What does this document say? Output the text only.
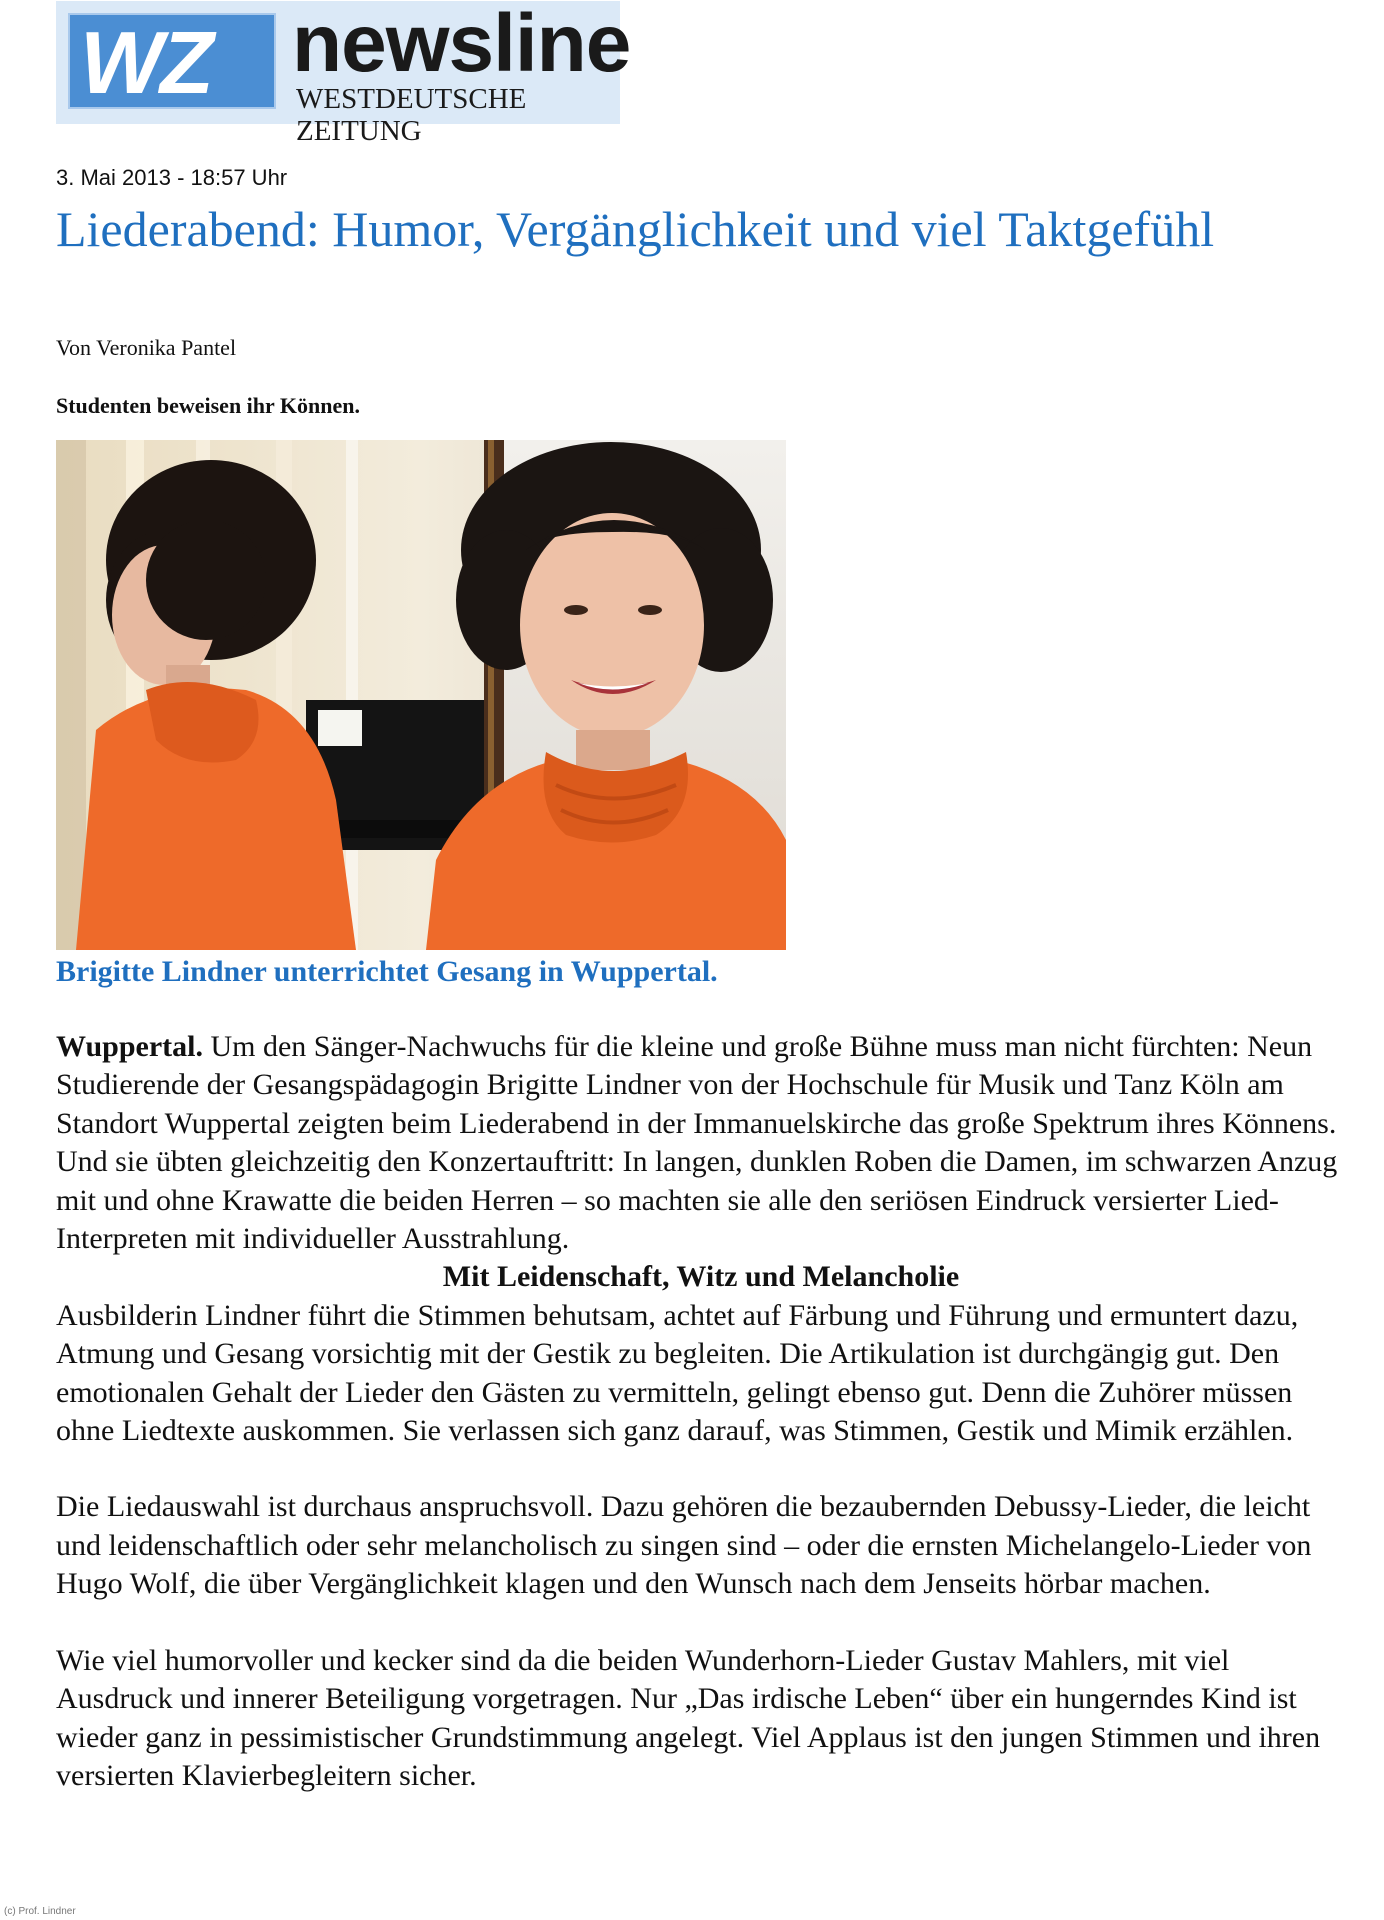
WZ newsline
WESTDEUTSCHE ZEITUNG
3. Mai 2013 - 18:57 Uhr
Liederabend: Humor, Vergänglichkeit und viel Taktgefühl
Von Veronika Pantel
Studenten beweisen ihr Können.
Brigitte Lindner unterrichtet Gesang in Wuppertal.

Wuppertal. Um den Sänger-Nachwuchs für die kleine und große Bühne muss man nicht fürchten: Neun Studierende der Gesangspädagogin Brigitte Lindner von der Hochschule für Musik und Tanz Köln am Standort Wuppertal zeigten beim Liederabend in der Immanuelskirche das große Spektrum ihres Könnens. Und sie übten gleichzeitig den Konzertauftritt: In langen, dunklen Roben die Damen, im schwarzen Anzug mit und ohne Krawatte die beiden Herren – so machten sie alle den seriösen Eindruck versierter Lied-Interpreten mit individueller Ausstrahlung.

Mit Leidenschaft, Witz und Melancholie

Ausbilderin Lindner führt die Stimmen behutsam, achtet auf Färbung und Führung und ermuntert dazu, Atmung und Gesang vorsichtig mit der Gestik zu begleiten. Die Artikulation ist durchgängig gut. Den emotionalen Gehalt der Lieder den Gästen zu vermitteln, gelingt ebenso gut. Denn die Zuhörer müssen ohne Liedtexte auskommen. Sie verlassen sich ganz darauf, was Stimmen, Gestik und Mimik erzählen.

Die Liedauswahl ist durchaus anspruchsvoll. Dazu gehören die bezaubernden Debussy-Lieder, die leicht und leidenschaftlich oder sehr melancholisch zu singen sind – oder die ernsten Michelangelo-Lieder von Hugo Wolf, die über Vergänglichkeit klagen und den Wunsch nach dem Jenseits hörbar machen.

Wie viel humorvoller und kecker sind da die beiden Wunderhorn-Lieder Gustav Mahlers, mit viel Ausdruck und innerer Beteiligung vorgetragen. Nur „Das irdische Leben“ über ein hungerndes Kind ist wieder ganz in pessimistischer Grundstimmung angelegt. Viel Applaus ist den jungen Stimmen und ihren versierten Klavierbegleitern sicher.

(c) Prof. Lindner
